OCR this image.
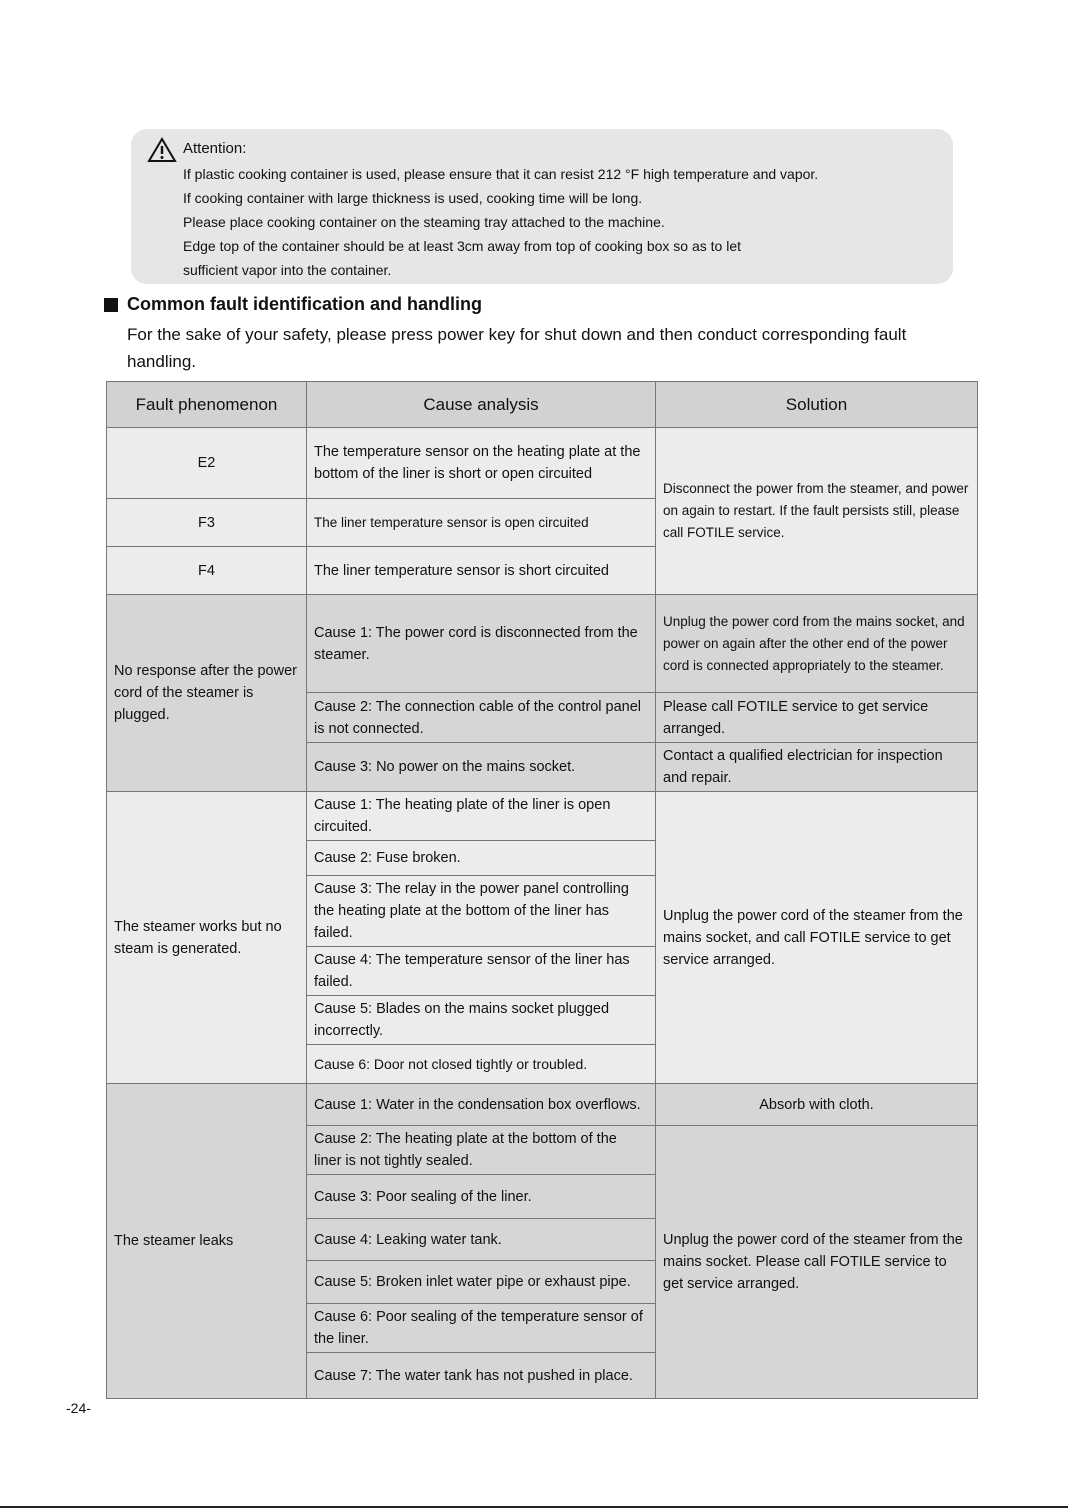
Attention:
If plastic cooking container is used, please ensure that it can resist 212 °F high temperature and vapor.
If cooking container with large thickness is used, cooking time will be long.
Please place cooking container on the steaming tray attached to the machine.
Edge top of the container should be at least 3cm away from top of cooking box so as to let
sufficient vapor into the container.
Common fault identification and handling
For the sake of your safety, please press power key for shut down and then conduct corresponding fault handling.
Fault phenomenon	Cause analysis	Solution
E2	The temperature sensor on the heating plate at the bottom of the liner is short or open circuited	Disconnect the power from the steamer, and power on again to restart. If the fault persists still, please call FOTILE service.
F3	The liner temperature sensor is open circuited	
F4	The liner temperature sensor is short circuited	
No response after the power cord of the steamer is plugged.	Cause 1: The power cord is disconnected from the steamer.	Unplug the power cord from the mains socket, and power on again after the other end of the power cord is connected appropriately to the steamer.
	Cause 2: The connection cable of the control panel is not connected.	Please call FOTILE service to get service arranged.
	Cause 3: No power on the mains socket.	Contact a qualified electrician for inspection and repair.
The steamer works but no steam is generated.	Cause 1: The heating plate of the liner is open circuited.	Unplug the power cord of the steamer from the mains socket, and call FOTILE service to get service arranged.
	Cause 2: Fuse broken.	
	Cause 3: The relay in the power panel controlling the heating plate at the bottom of the liner has failed.	
	Cause 4: The temperature sensor of the liner has failed.	
	Cause 5: Blades on the mains socket plugged incorrectly.	
	Cause 6: Door not closed tightly or troubled.	
The steamer leaks	Cause 1: Water in the condensation box overflows.	Absorb with cloth.
	Cause 2: The heating plate at the bottom of the liner is not tightly sealed.	Unplug the power cord of the steamer from the mains socket. Please call FOTILE service to get service arranged.
	Cause 3: Poor sealing of the liner.	
	Cause 4: Leaking water tank.	
	Cause 5: Broken inlet water pipe or exhaust pipe.	
	Cause 6: Poor sealing of the temperature sensor of the liner.	
	Cause 7: The water tank has not pushed in place.	
-24-
